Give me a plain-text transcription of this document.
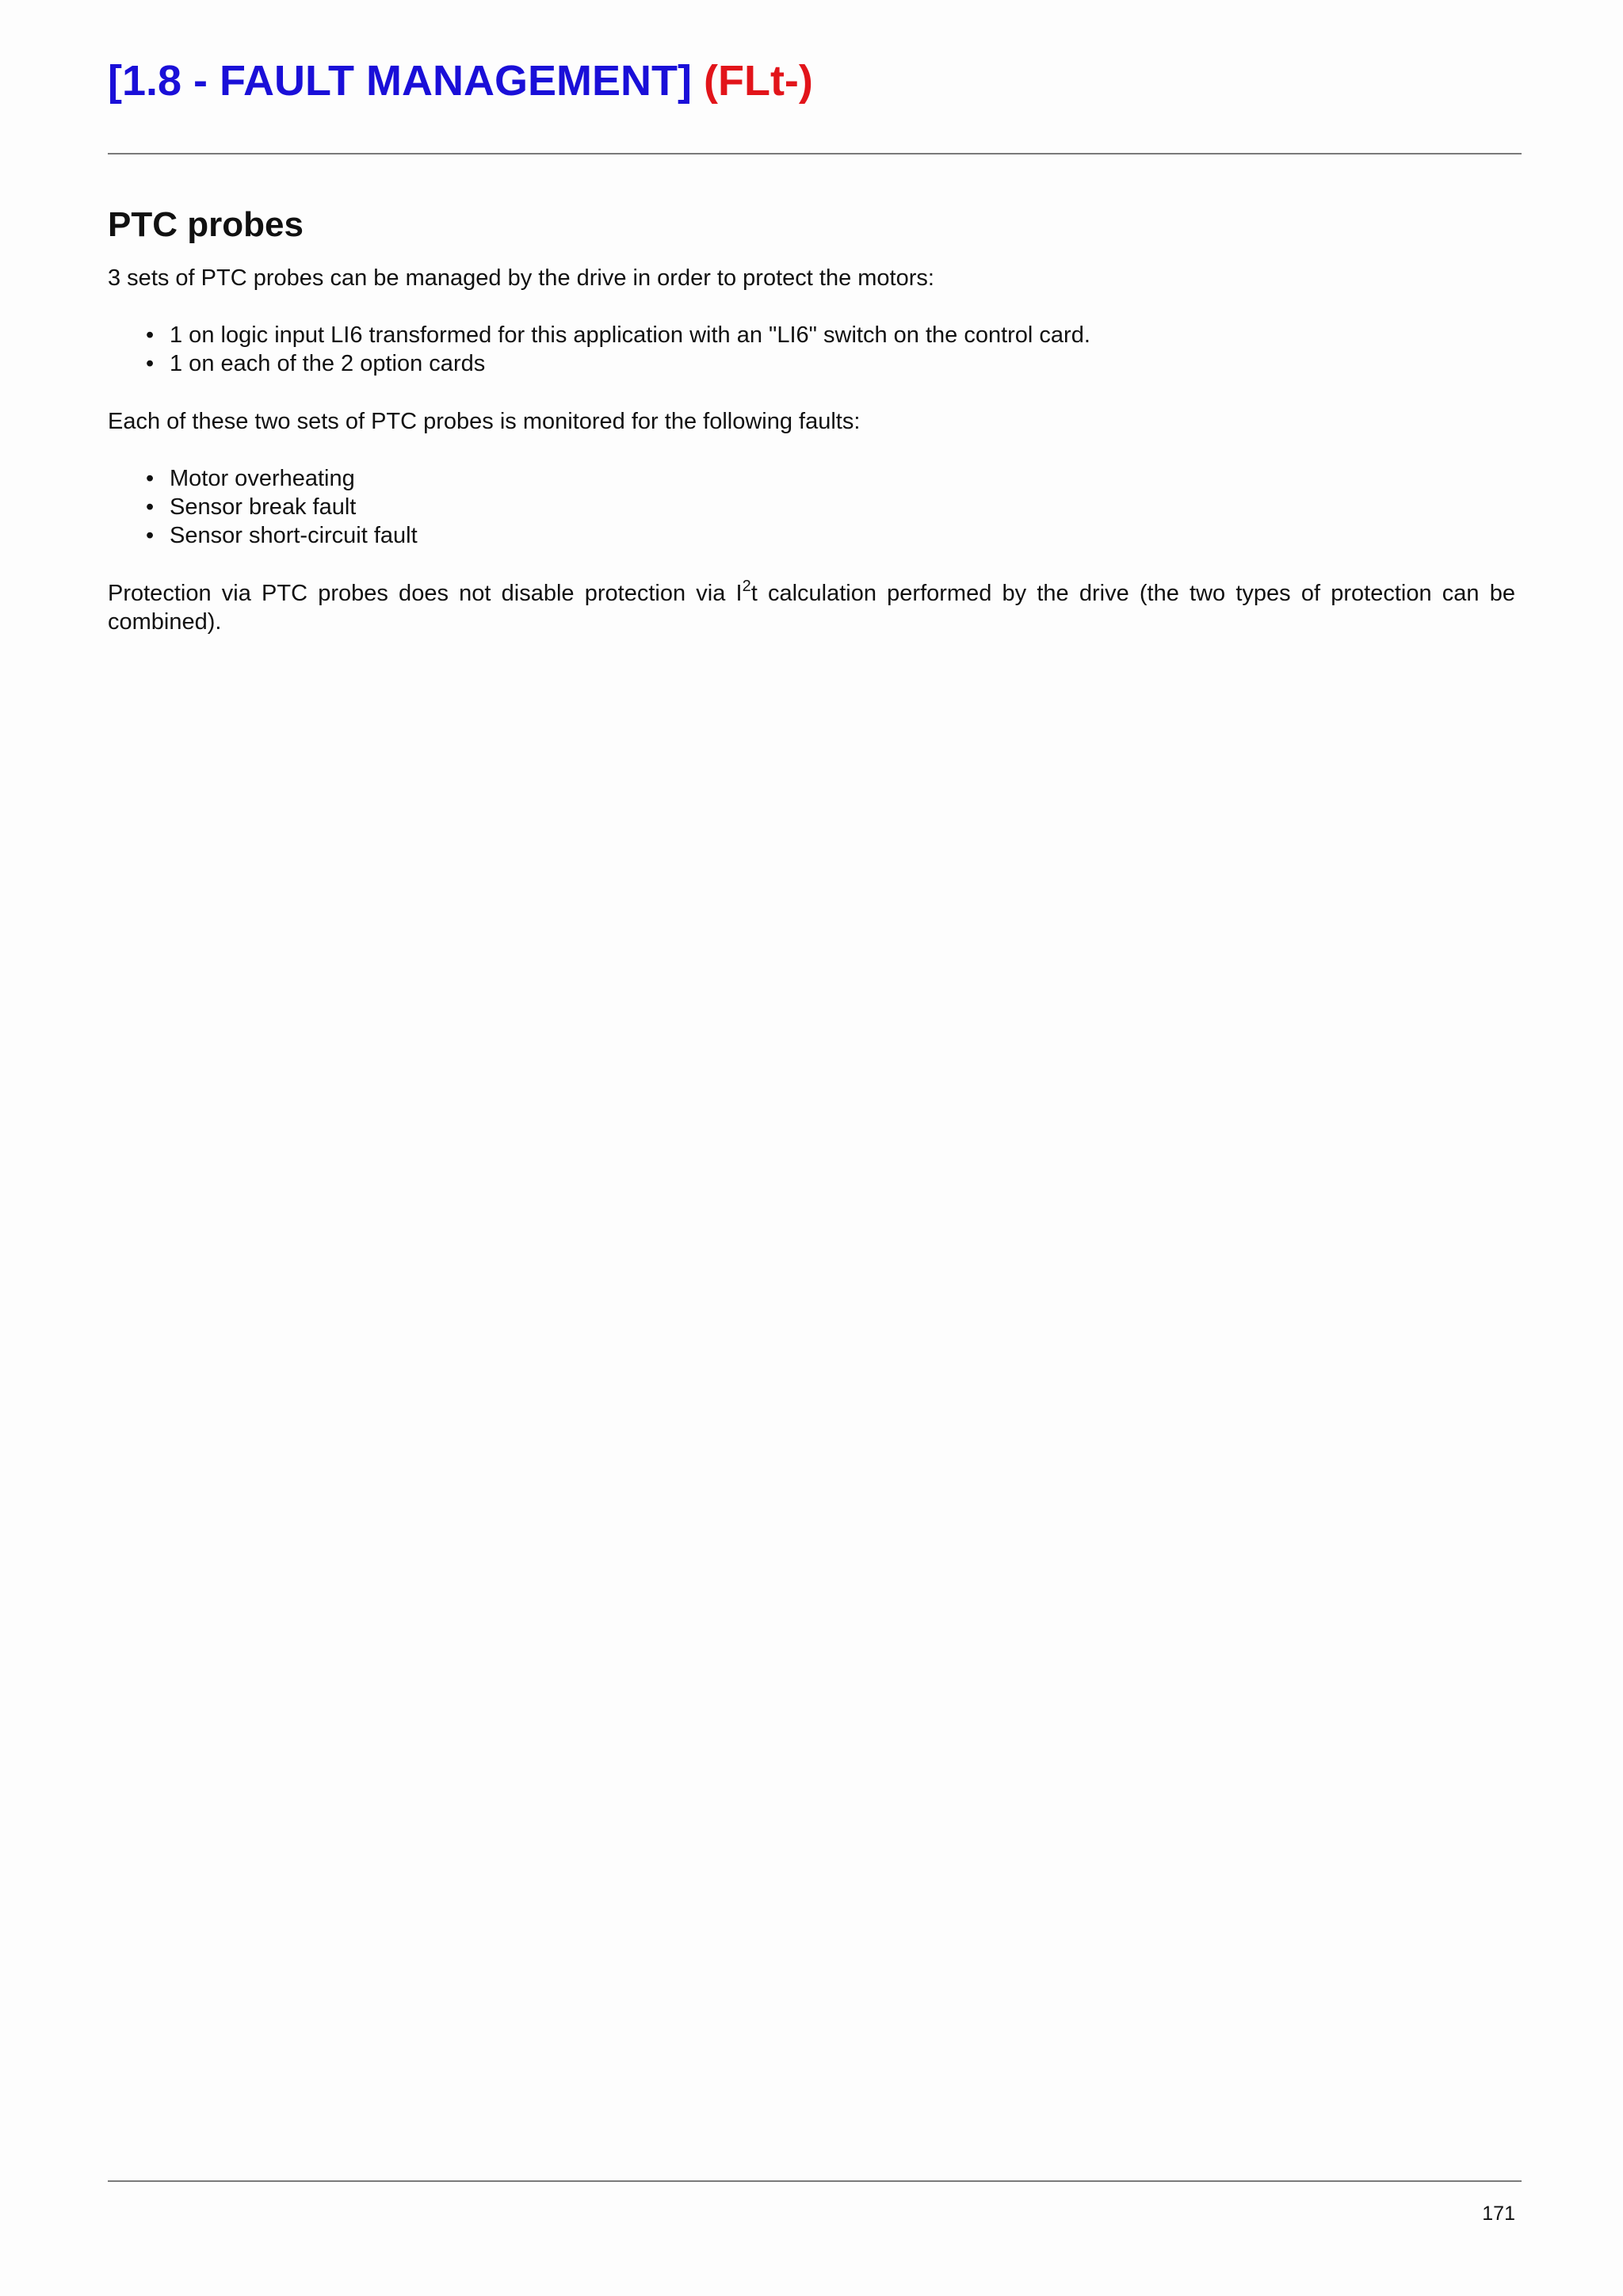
[1.8 - FAULT MANAGEMENT] (FLt-)
PTC probes

3 sets of PTC probes can be managed by the drive in order to protect the motors:

• 1 on logic input LI6 transformed for this application with an "LI6" switch on the control card.
• 1 on each of the 2 option cards

Each of these two sets of PTC probes is monitored for the following faults:

• Motor overheating
• Sensor break fault
• Sensor short-circuit fault

Protection via PTC probes does not disable protection via $I^2t$ calculation performed by the drive (the two types of protection can be combined).

171
